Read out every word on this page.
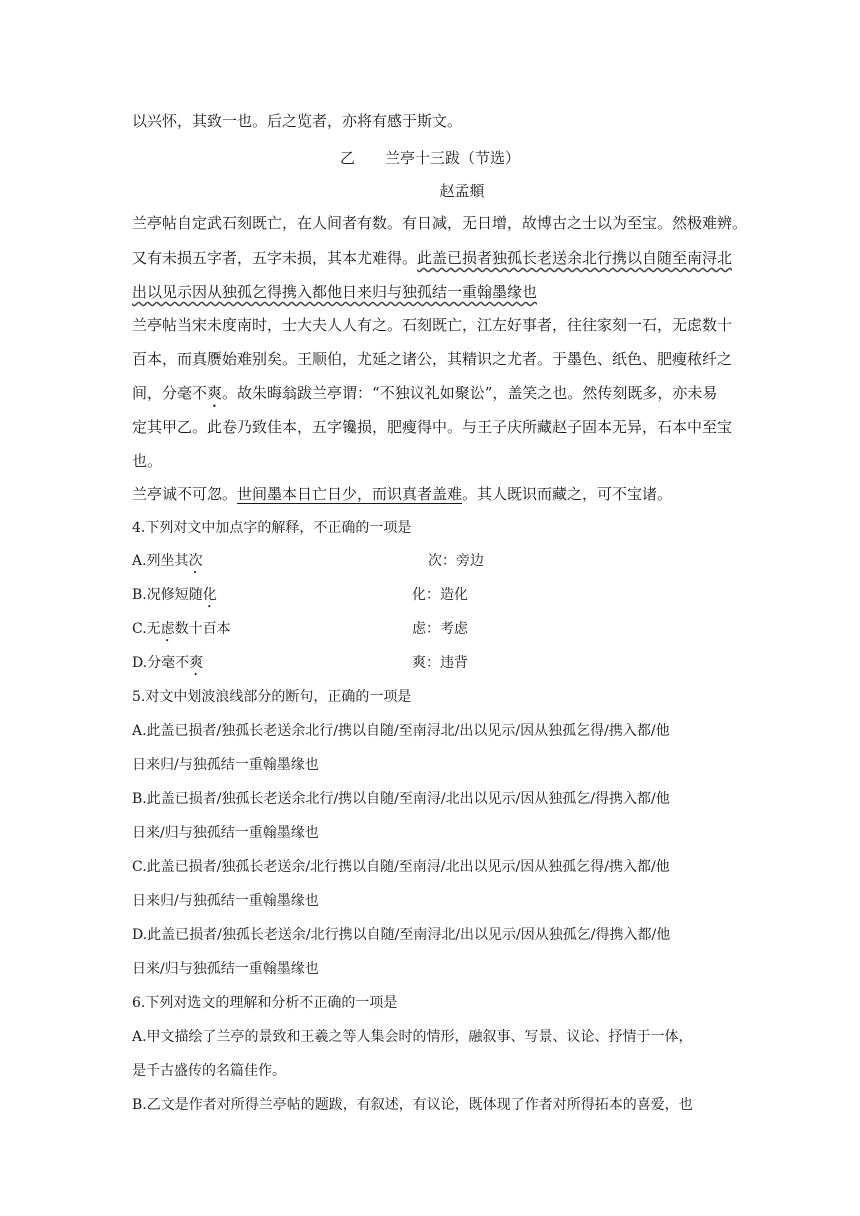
以兴怀，其致一也。后之览者，亦将有感于斯文。
乙　　兰亭十三跋（节选）
赵孟頫
兰亭帖自定武石刻既亡，在人间者有数。有日减，无日增，故博古之士以为至宝。然极难辨。
又有未损五字者，五字未损，其本尤难得。此盖已损者独孤长老送余北行携以自随至南浔北
出以见示因从独孤乞得携入都他日来归与独孤结一重翰墨缘也
兰亭帖当宋未度南时，士大夫人人有之。石刻既亡，江左好事者，往往家刻一石，无虑数十
百本，而真赝始难别矣。王顺伯，尤延之诸公，其精识之尤者。于墨色、纸色、肥瘦秾纤之
间，分毫不爽。故朱晦翁跋兰亭谓：“不独议礼如聚讼”，盖笑之也。然传刻既多，亦未易
定其甲乙。此卷乃致佳本，五字镵损，肥瘦得中。与王子庆所藏赵子固本无异，石本中至宝
也。
兰亭诚不可忽。世间墨本日亡日少，而识真者盖难。其人既识而藏之，可不宝诸。
4.下列对文中加点字的解释，不正确的一项是
A.列坐其次	次：旁边
B.况修短随化	化：造化
C.无虑数十百本	虑：考虑
D.分毫不爽	爽：违背
5.对文中划波浪线部分的断句，正确的一项是
A.此盖已损者/独孤长老送余北行/携以自随/至南浔北/出以见示/因从独孤乞得/携入都/他
日来归/与独孤结一重翰墨缘也
B.此盖已损者/独孤长老送余北行/携以自随/至南浔/北出以见示/因从独孤乞/得携入都/他
日来/归与独孤结一重翰墨缘也
C.此盖已损者/独孤长老送余/北行携以自随/至南浔/北出以见示/因从独孤乞得/携入都/他
日来归/与独孤结一重翰墨缘也
D.此盖已损者/独孤长老送余/北行携以自随/至南浔北/出以见示/因从独孤乞/得携入都/他
日来/归与独孤结一重翰墨缘也
6.下列对选文的理解和分析不正确的一项是
A.甲文描绘了兰亭的景致和王羲之等人集会时的情形，融叙事、写景、议论、抒情于一体，
是千古盛传的名篇佳作。
B.乙文是作者对所得兰亭帖的题跋，有叙述，有议论，既体现了作者对所得拓本的喜爱，也
